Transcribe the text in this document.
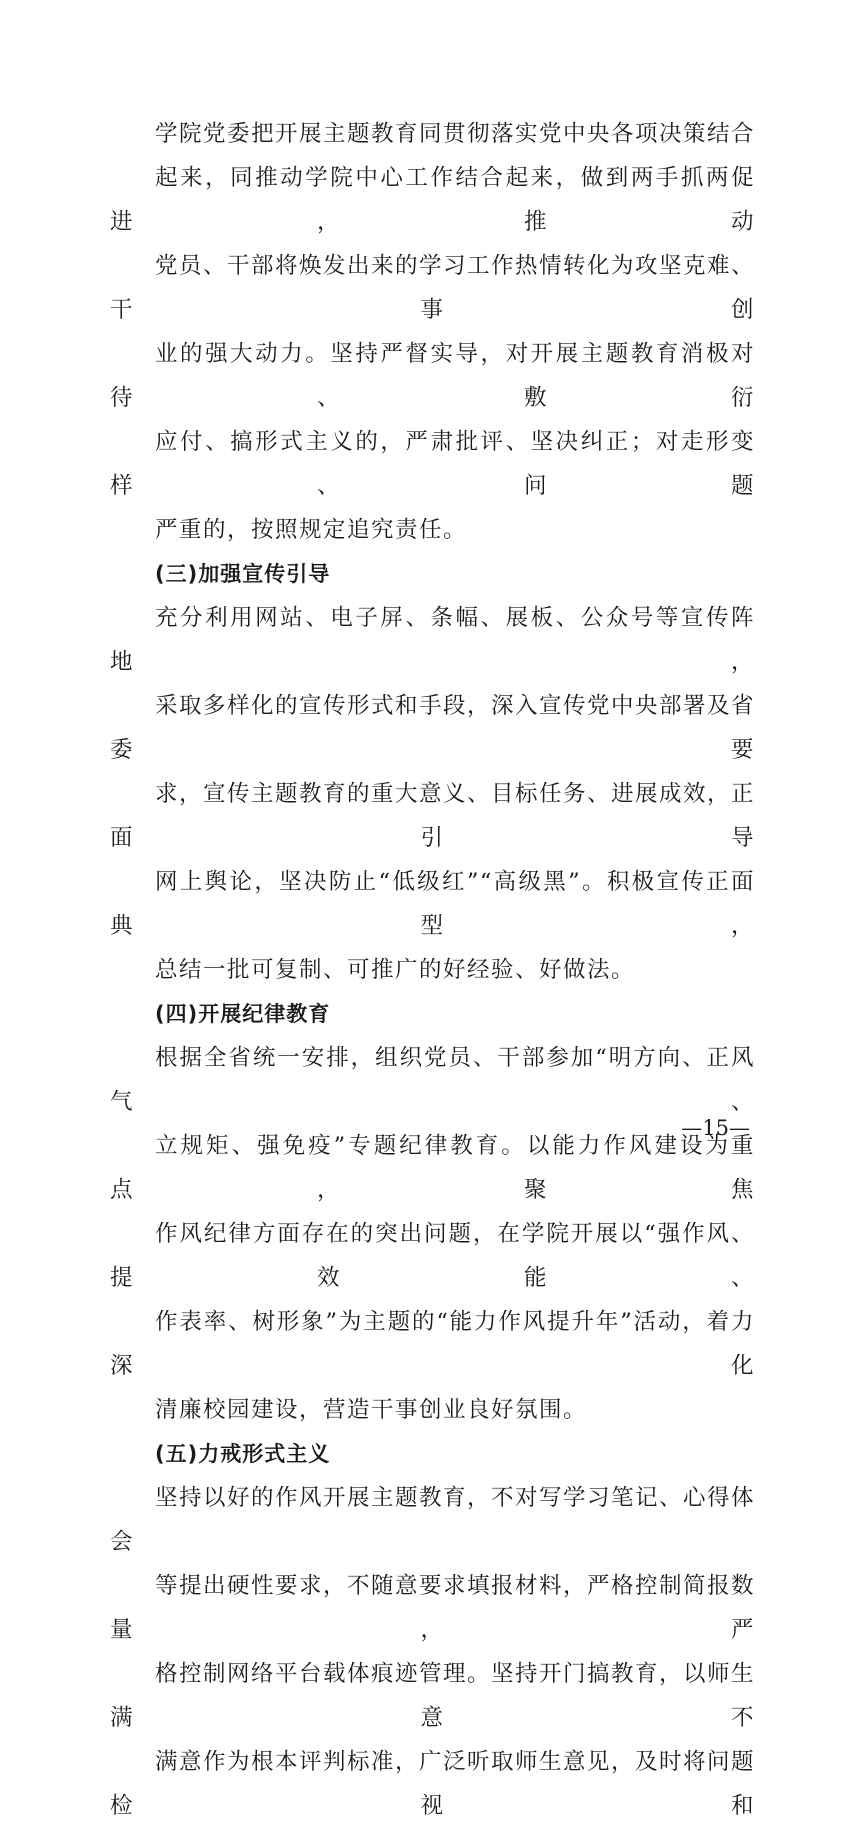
学院党委把开展主题教育同贯彻落实党中央各项决策结合
起来，同推动学院中心工作结合起来，做到两手抓两促进，推动
党员、干部将焕发出来的学习工作热情转化为攻坚克难、干事创
业的强大动力。坚持严督实导，对开展主题教育消极对待、敷衍
应付、搞形式主义的，严肃批评、坚决纠正；对走形变样、问题
严重的，按照规定追究责任。

(三)加强宣传引导

充分利用网站、电子屏、条幅、展板、公众号等宣传阵地，
采取多样化的宣传形式和手段，深入宣传党中央部署及省委要
求，宣传主题教育的重大意义、目标任务、进展成效，正面引导
网上舆论，坚决防止“低级红”“高级黑”。积极宣传正面典型，
总结一批可复制、可推广的好经验、好做法。

(四)开展纪律教育

根据全省统一安排，组织党员、干部参加“明方向、正风气、
立规矩、强免疫”专题纪律教育。以能力作风建设为重点，聚焦
作风纪律方面存在的突出问题，在学院开展以“强作风、提效能、
作表率、树形象”为主题的“能力作风提升年”活动，着力深化
清廉校园建设，营造干事创业良好氛围。

(五)力戒形式主义

坚持以好的作风开展主题教育，不对写学习笔记、心得体会
等提出硬性要求，不随意要求填报材料，严格控制简报数量，严
格控制网络平台载体痕迹管理。坚持开门搞教育，以师生满意不
满意作为根本评判标准，广泛听取师生意见，及时将问题检视和

—15—
